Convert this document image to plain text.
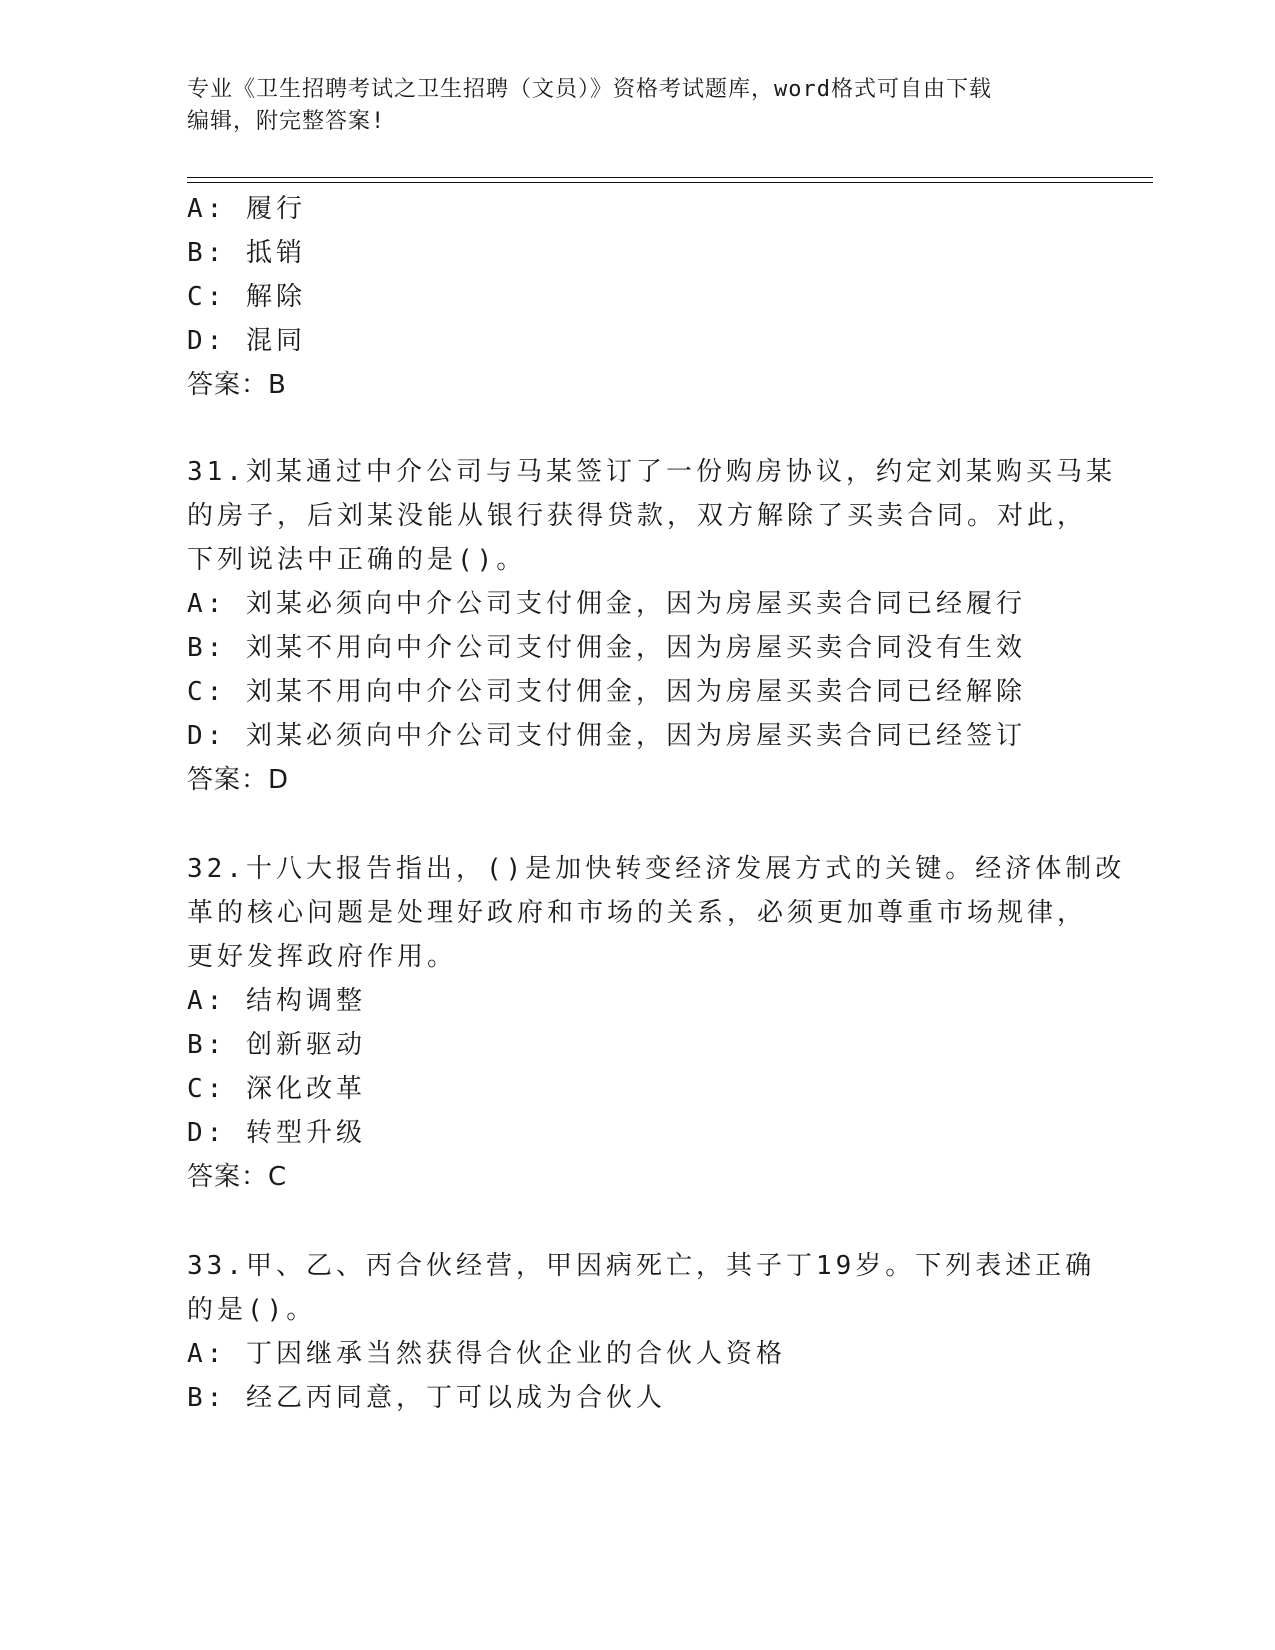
专业《卫生招聘考试之卫生招聘（文员）》资格考试题库，word格式可自由下载
编辑，附完整答案!
A: 履行
B: 抵销
C: 解除
D: 混同
答案：B
31.刘某通过中介公司与马某签订了一份购房协议，约定刘某购买马某
的房子，后刘某没能从银行获得贷款，双方解除了买卖合同。对此，
下列说法中正确的是()。
A: 刘某必须向中介公司支付佣金，因为房屋买卖合同已经履行
B: 刘某不用向中介公司支付佣金，因为房屋买卖合同没有生效
C: 刘某不用向中介公司支付佣金，因为房屋买卖合同已经解除
D: 刘某必须向中介公司支付佣金，因为房屋买卖合同已经签订
答案：D
32.十八大报告指出，()是加快转变经济发展方式的关键。经济体制改
革的核心问题是处理好政府和市场的关系，必须更加尊重市场规律，
更好发挥政府作用。
A: 结构调整
B: 创新驱动
C: 深化改革
D: 转型升级
答案：C
33.甲、乙、丙合伙经营，甲因病死亡，其子丁19岁。下列表述正确
的是()。
A: 丁因继承当然获得合伙企业的合伙人资格
B: 经乙丙同意，丁可以成为合伙人
